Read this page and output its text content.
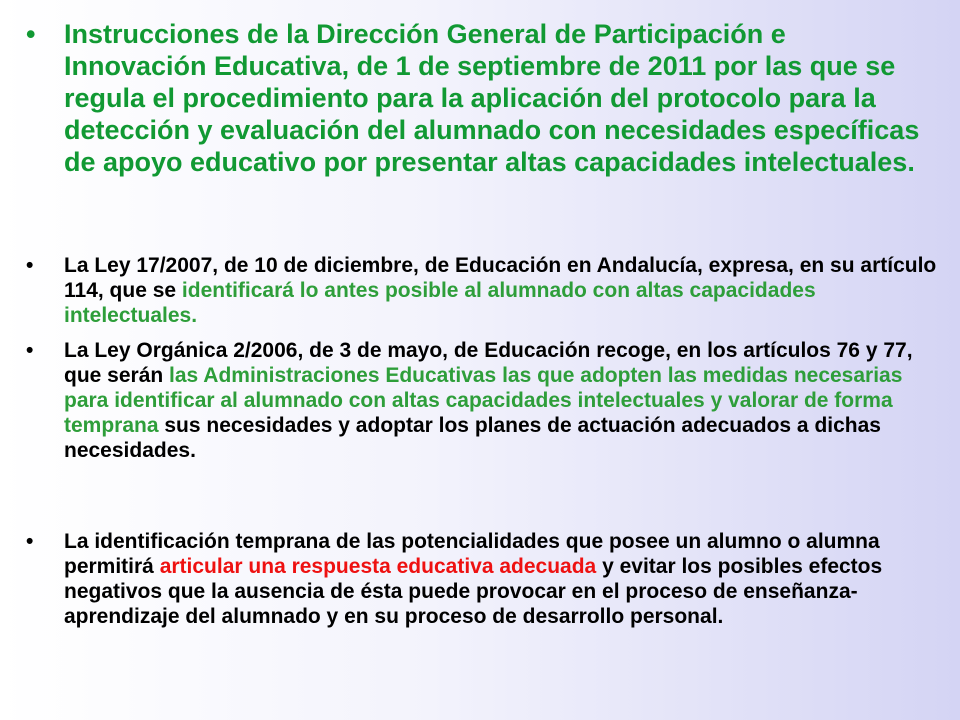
•	Instrucciones de la Dirección General de Participación e Innovación Educativa, de 1 de septiembre de 2011 por las que se regula el procedimiento para la aplicación del protocolo para la detección y evaluación del alumnado con necesidades específicas de apoyo educativo por presentar altas capacidades intelectuales.
•	La Ley 17/2007, de 10 de diciembre, de Educación en Andalucía, expresa, en su artículo 114, que se identificará lo antes posible al alumnado con altas capacidades intelectuales.
•	La Ley Orgánica 2/2006, de 3 de mayo, de Educación recoge, en los artículos 76 y 77, que serán las Administraciones Educativas las que adopten las medidas necesarias para identificar al alumnado con altas capacidades intelectuales y valorar de forma temprana sus necesidades y adoptar los planes de actuación adecuados a dichas necesidades.
•	La identificación temprana de las potencialidades que posee un alumno o alumna permitirá articular una respuesta educativa adecuada y evitar los posibles efectos negativos que la ausencia de ésta puede provocar en el proceso de enseñanza-aprendizaje del alumnado y en su proceso de desarrollo personal.
